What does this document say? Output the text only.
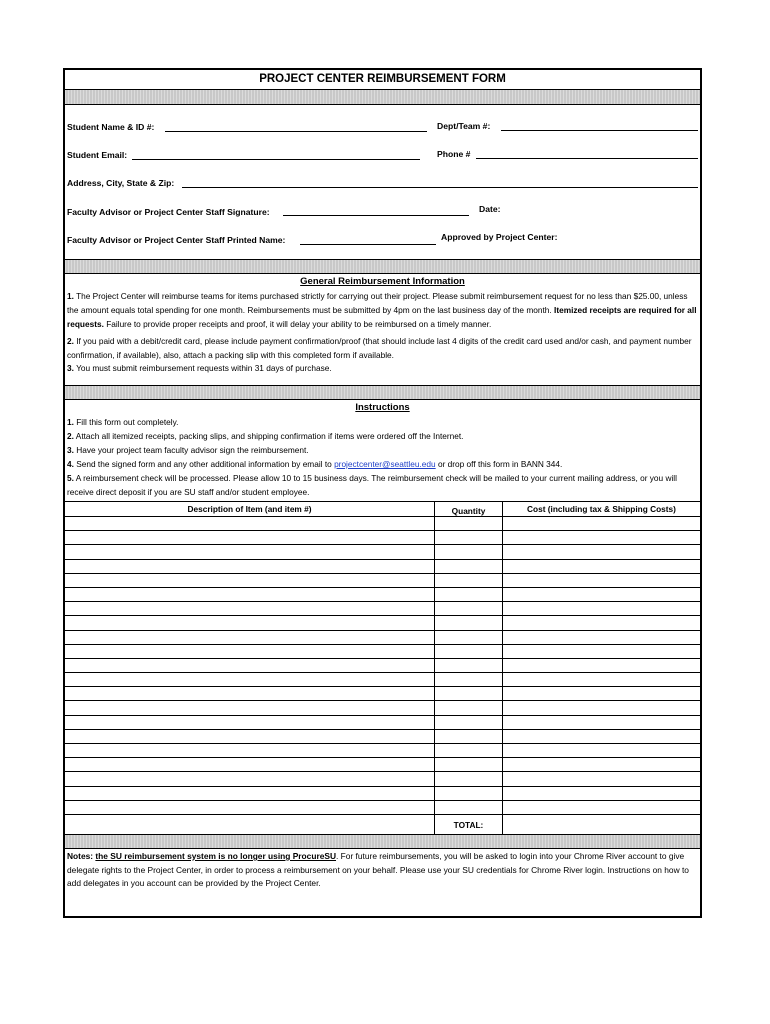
PROJECT CENTER REIMBURSEMENT FORM
Student Name & ID #:	Dept/Team #:
Student Email:	Phone #
Address, City, State & Zip:
Faculty Advisor or Project Center Staff Signature:	Date:
Faculty Advisor or Project Center Staff Printed Name:	Approved by Project Center:
General Reimbursement Information
1. The Project Center will reimburse teams for items purchased strictly for carrying out their project. Please submit reimbursement request for no less than $25.00, unless the amount equals total spending for one month. Reimbursements must be submitted by 4pm on the last business day of the month. Itemized receipts are required for all requests. Failure to provide proper receipts and proof, it will delay your ability to be reimbursed on a timely manner.
2. If you paid with a debit/credit card, please include payment confirmation/proof (that should include last 4 digits of the credit card used and/or cash, and payment number confirmation, if available), also, attach a packing slip with this completed form if available.
3. You must submit reimbursement requests within 31 days of purchase.
Instructions
1. Fill this form out completely.
2. Attach all itemized receipts, packing slips, and shipping confirmation if items were ordered off the Internet.
3. Have your project team faculty advisor sign the reimbursement.
4. Send the signed form and any other additional information by email to projectcenter@seattleu.edu or drop off this form in BANN 344.
5. A reimbursement check will be processed. Please allow 10 to 15 business days. The reimbursement check will be mailed to your current mailing address, or you will receive direct deposit if you are SU staff and/or student employee.
Description of Item (and item #)	Quantity	Cost (including tax & Shipping Costs)
TOTAL:
Notes: the SU reimbursement system is no longer using ProcureSU. For future reimbursements, you will be asked to login into your Chrome River account to give delegate rights to the Project Center, in order to process a reimbursement on your behalf. Please use your SU credentials for Chrome River login. Instructions on how to add delegates in you account can be provided by the Project Center.
